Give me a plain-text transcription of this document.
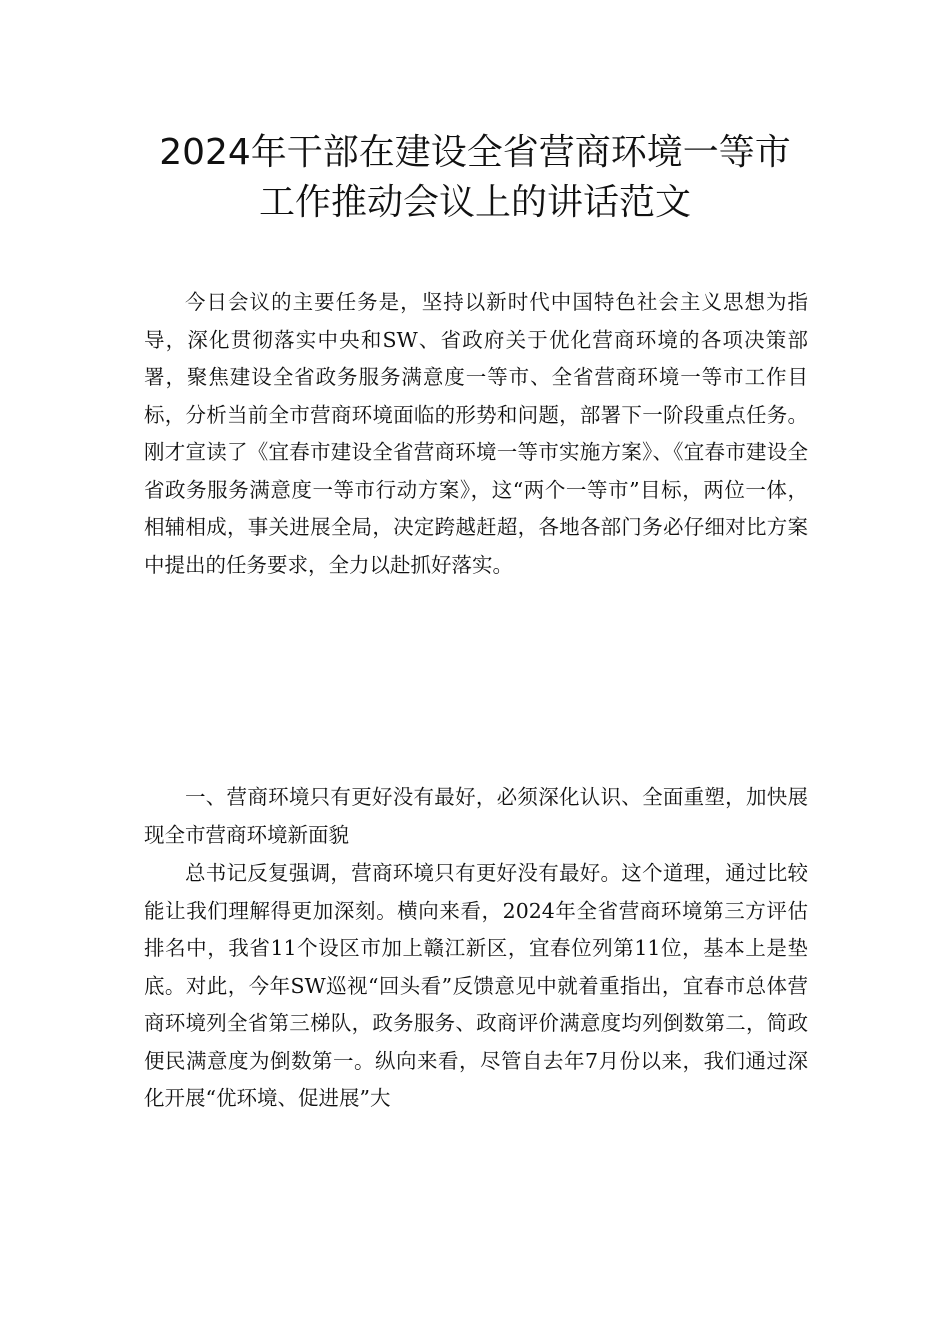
2024年干部在建设全省营商环境一等市
工作推动会议上的讲话范文

今日会议的主要任务是，坚持以新时代中国特色社会主义思想为指导，深化贯彻落实中央和SW、省政府关于优化营商环境的各项决策部署，聚焦建设全省政务服务满意度一等市、全省营商环境一等市工作目标，分析当前全市营商环境面临的形势和问题，部署下一阶段重点任务。刚才宣读了《宜春市建设全省营商环境一等市实施方案》、《宜春市建设全省政务服务满意度一等市行动方案》，这“两个一等市”目标，两位一体，相辅相成，事关进展全局，决定跨越赶超，各地各部门务必仔细对比方案中提出的任务要求，全力以赴抓好落实。

一、营商环境只有更好没有最好，必须深化认识、全面重塑，加快展现全市营商环境新面貌

总书记反复强调，营商环境只有更好没有最好。这个道理，通过比较能让我们理解得更加深刻。横向来看，2024年全省营商环境第三方评估排名中，我省11个设区市加上赣江新区，宜春位列第11位，基本上是垫底。对此，今年SW巡视“回头看”反馈意见中就着重指出，宜春市总体营商环境列全省第三梯队，政务服务、政商评价满意度均列倒数第二，简政便民满意度为倒数第一。纵向来看，尽管自去年7月份以来，我们通过深化开展“优环境、促进展”大
